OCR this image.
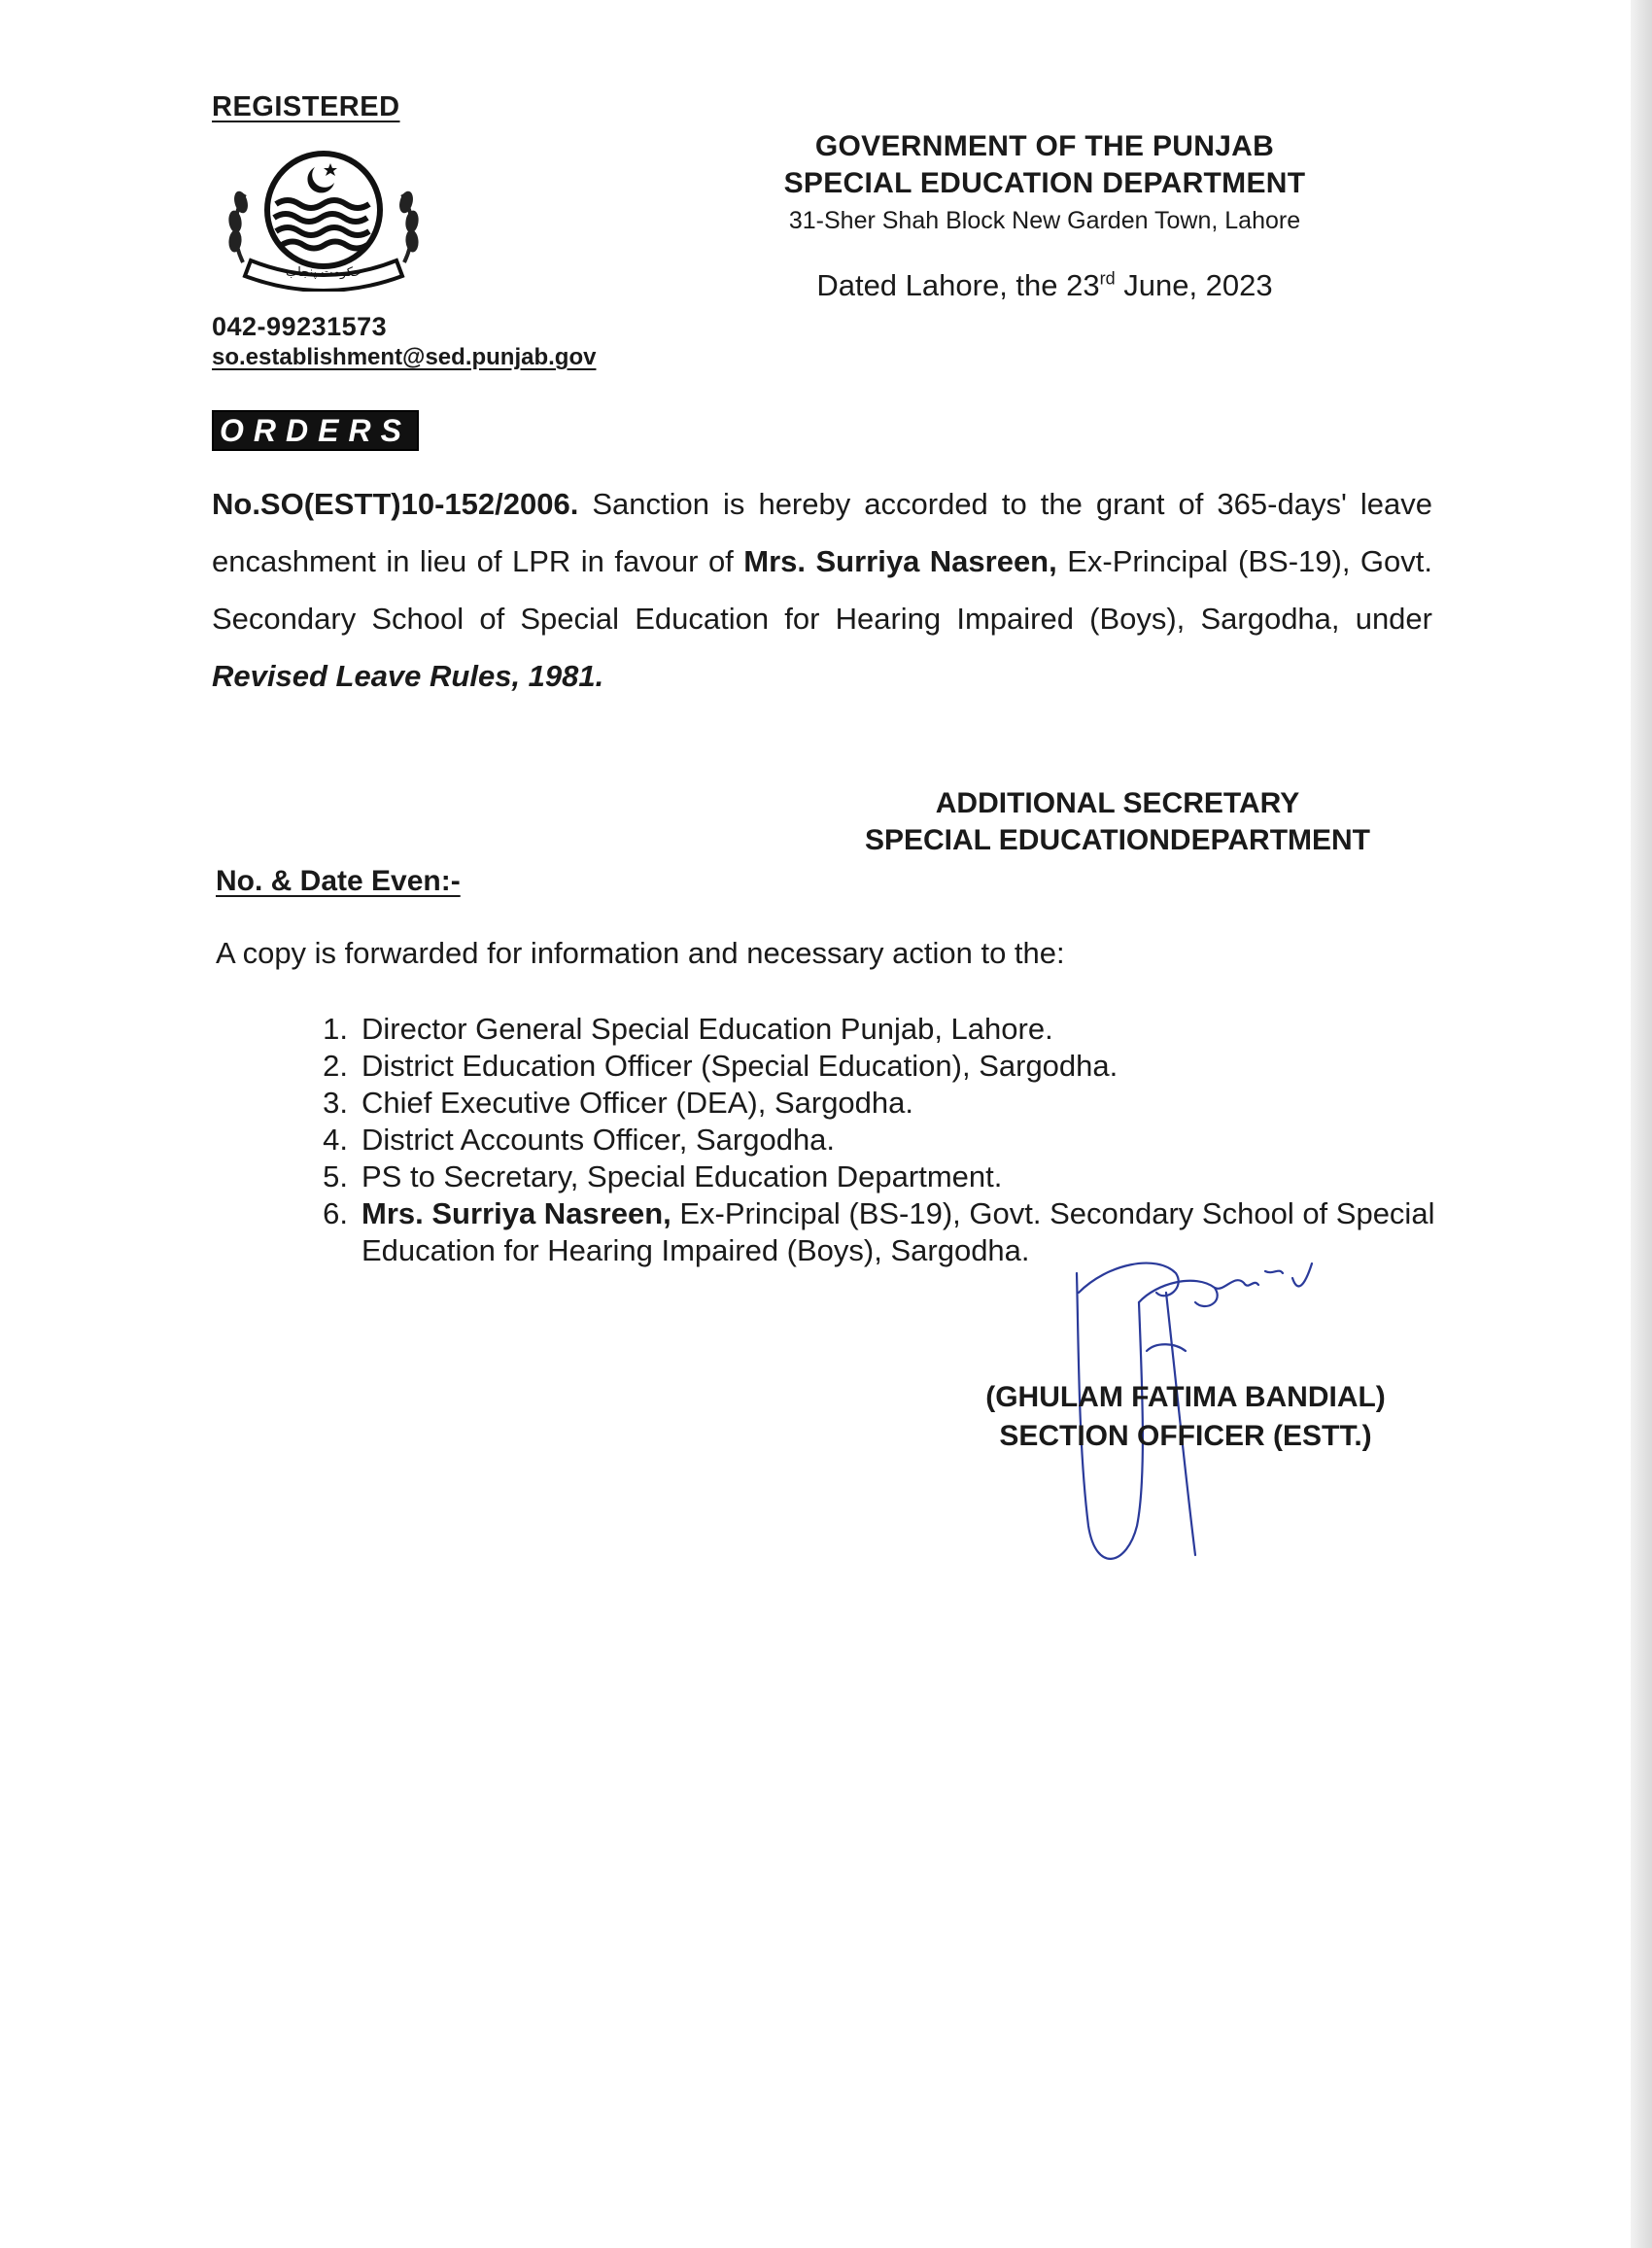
REGISTERED
حکومت پنجاب
042-99231573
so.establishment@sed.punjab.gov
GOVERNMENT OF THE PUNJAB
SPECIAL EDUCATION DEPARTMENT
31-Sher Shah Block New Garden Town, Lahore
Dated Lahore, the 23rd June, 2023
ORDERS
No.SO(ESTT)10-152/2006. Sanction is hereby accorded to the grant of 365-days' leave encashment in lieu of LPR in favour of Mrs. Surriya Nasreen, Ex-Principal (BS-19), Govt. Secondary School of Special Education for Hearing Impaired (Boys), Sargodha, under Revised Leave Rules, 1981.
ADDITIONAL SECRETARY
SPECIAL EDUCATIONDEPARTMENT
No. & Date Even:-
A copy is forwarded for information and necessary action to the:
1. Director General Special Education Punjab, Lahore.
2. District Education Officer (Special Education), Sargodha.
3. Chief Executive Officer (DEA), Sargodha.
4. District Accounts Officer, Sargodha.
5. PS to Secretary, Special Education Department.
6. Mrs. Surriya Nasreen, Ex-Principal (BS-19), Govt. Secondary School of Special Education for Hearing Impaired (Boys), Sargodha.
(GHULAM FATIMA BANDIAL)
SECTION OFFICER (ESTT.)
